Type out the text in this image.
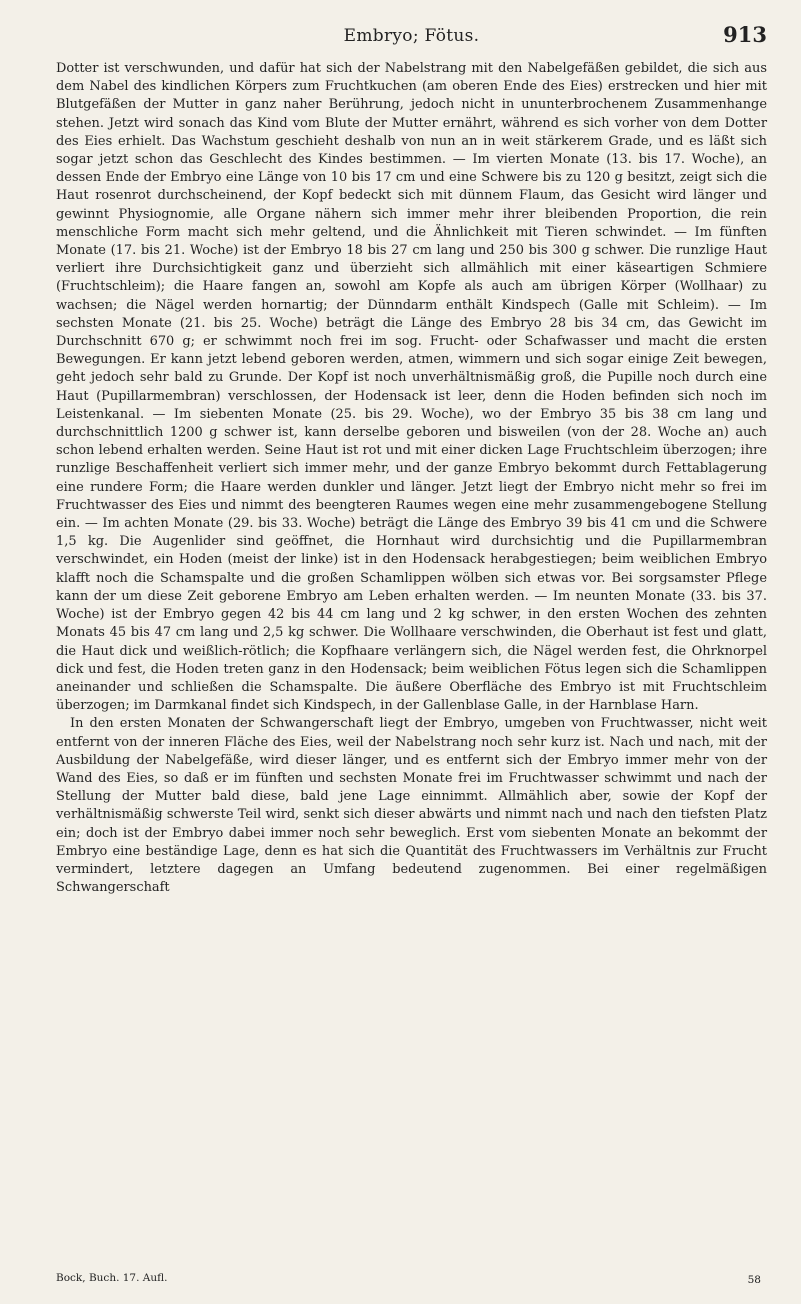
Embryo; Fötus.	913

Dotter ist verschwunden, und dafür hat sich der Nabelstrang mit den Nabelgefäßen gebildet, die sich aus dem Nabel des kindlichen Körpers zum Fruchtkuchen (am oberen Ende des Eies) erstrecken und hier mit Blutgefäßen der Mutter in ganz naher Berührung, jedoch nicht in ununterbrochenem Zusammenhange stehen. Jetzt wird sonach das Kind vom Blute der Mutter ernährt, während es sich vorher von dem Dotter des Eies erhielt. Das Wachstum geschieht deshalb von nun an in weit stärkerem Grade, und es läßt sich sogar jetzt schon das Geschlecht des Kindes bestimmen. — Im vierten Monate (13. bis 17. Woche), an dessen Ende der Embryo eine Länge von 10 bis 17 cm und eine Schwere bis zu 120 g besitzt, zeigt sich die Haut rosenrot durchscheinend, der Kopf bedeckt sich mit dünnem Flaum, das Gesicht wird länger und gewinnt Physiognomie, alle Organe nähern sich immer mehr ihrer bleibenden Proportion, die rein menschliche Form macht sich mehr geltend, und die Ähnlichkeit mit Tieren schwindet. — Im fünften Monate (17. bis 21. Woche) ist der Embryo 18 bis 27 cm lang und 250 bis 300 g schwer. Die runzlige Haut verliert ihre Durchsichtigkeit ganz und überzieht sich allmählich mit einer käseartigen Schmiere (Fruchtschleim); die Haare fangen an, sowohl am Kopfe als auch am übrigen Körper (Wollhaar) zu wachsen; die Nägel werden hornartig; der Dünndarm enthält Kindspech (Galle mit Schleim). — Im sechsten Monate (21. bis 25. Woche) beträgt die Länge des Embryo 28 bis 34 cm, das Gewicht im Durchschnitt 670 g; er schwimmt noch frei im sog. Frucht- oder Schafwasser und macht die ersten Bewegungen. Er kann jetzt lebend geboren werden, atmen, wimmern und sich sogar einige Zeit bewegen, geht jedoch sehr bald zu Grunde. Der Kopf ist noch unverhältnismäßig groß, die Pupille noch durch eine Haut (Pupillarmembran) verschlossen, der Hodensack ist leer, denn die Hoden befinden sich noch im Leistenkanal. — Im siebenten Monate (25. bis 29. Woche), wo der Embryo 35 bis 38 cm lang und durchschnittlich 1200 g schwer ist, kann derselbe geboren und bisweilen (von der 28. Woche an) auch schon lebend erhalten werden. Seine Haut ist rot und mit einer dicken Lage Fruchtschleim überzogen; ihre runzlige Beschaffenheit verliert sich immer mehr, und der ganze Embryo bekommt durch Fettablagerung eine rundere Form; die Haare werden dunkler und länger. Jetzt liegt der Embryo nicht mehr so frei im Fruchtwasser des Eies und nimmt des beengteren Raumes wegen eine mehr zusammengebogene Stellung ein. — Im achten Monate (29. bis 33. Woche) beträgt die Länge des Embryo 39 bis 41 cm und die Schwere 1,5 kg. Die Augenlider sind geöffnet, die Hornhaut wird durchsichtig und die Pupillarmembran verschwindet, ein Hoden (meist der linke) ist in den Hodensack herabgestiegen; beim weiblichen Embryo klafft noch die Schamspalte und die großen Schamlippen wölben sich etwas vor. Bei sorgsamster Pflege kann der um diese Zeit geborene Embryo am Leben erhalten werden. — Im neunten Monate (33. bis 37. Woche) ist der Embryo gegen 42 bis 44 cm lang und 2 kg schwer, in den ersten Wochen des zehnten Monats 45 bis 47 cm lang und 2,5 kg schwer. Die Wollhaare verschwinden, die Oberhaut ist fest und glatt, die Haut dick und weißlich-rötlich; die Kopfhaare verlängern sich, die Nägel werden fest, die Ohrknorpel dick und fest, die Hoden treten ganz in den Hodensack; beim weiblichen Fötus legen sich die Schamlippen aneinander und schließen die Schamspalte. Die äußere Oberfläche des Embryo ist mit Fruchtschleim überzogen; im Darmkanal findet sich Kindspech, in der Gallenblase Galle, in der Harnblase Harn.

In den ersten Monaten der Schwangerschaft liegt der Embryo, umgeben von Fruchtwasser, nicht weit entfernt von der inneren Fläche des Eies, weil der Nabelstrang noch sehr kurz ist. Nach und nach, mit der Ausbildung der Nabelgefäße, wird dieser länger, und es entfernt sich der Embryo immer mehr von der Wand des Eies, so daß er im fünften und sechsten Monate frei im Fruchtwasser schwimmt und nach der Stellung der Mutter bald diese, bald jene Lage einnimmt. Allmählich aber, sowie der Kopf der verhältnismäßig schwerste Teil wird, senkt sich dieser abwärts und nimmt nach und nach den tiefsten Platz ein; doch ist der Embryo dabei immer noch sehr beweglich. Erst vom siebenten Monate an bekommt der Embryo eine beständige Lage, denn es hat sich die Quantität des Fruchtwassers im Verhältnis zur Frucht vermindert, letztere dagegen an Umfang bedeutend zugenommen. Bei einer regelmäßigen Schwangerschaft

Bock, Buch. 17. Aufl.	58
